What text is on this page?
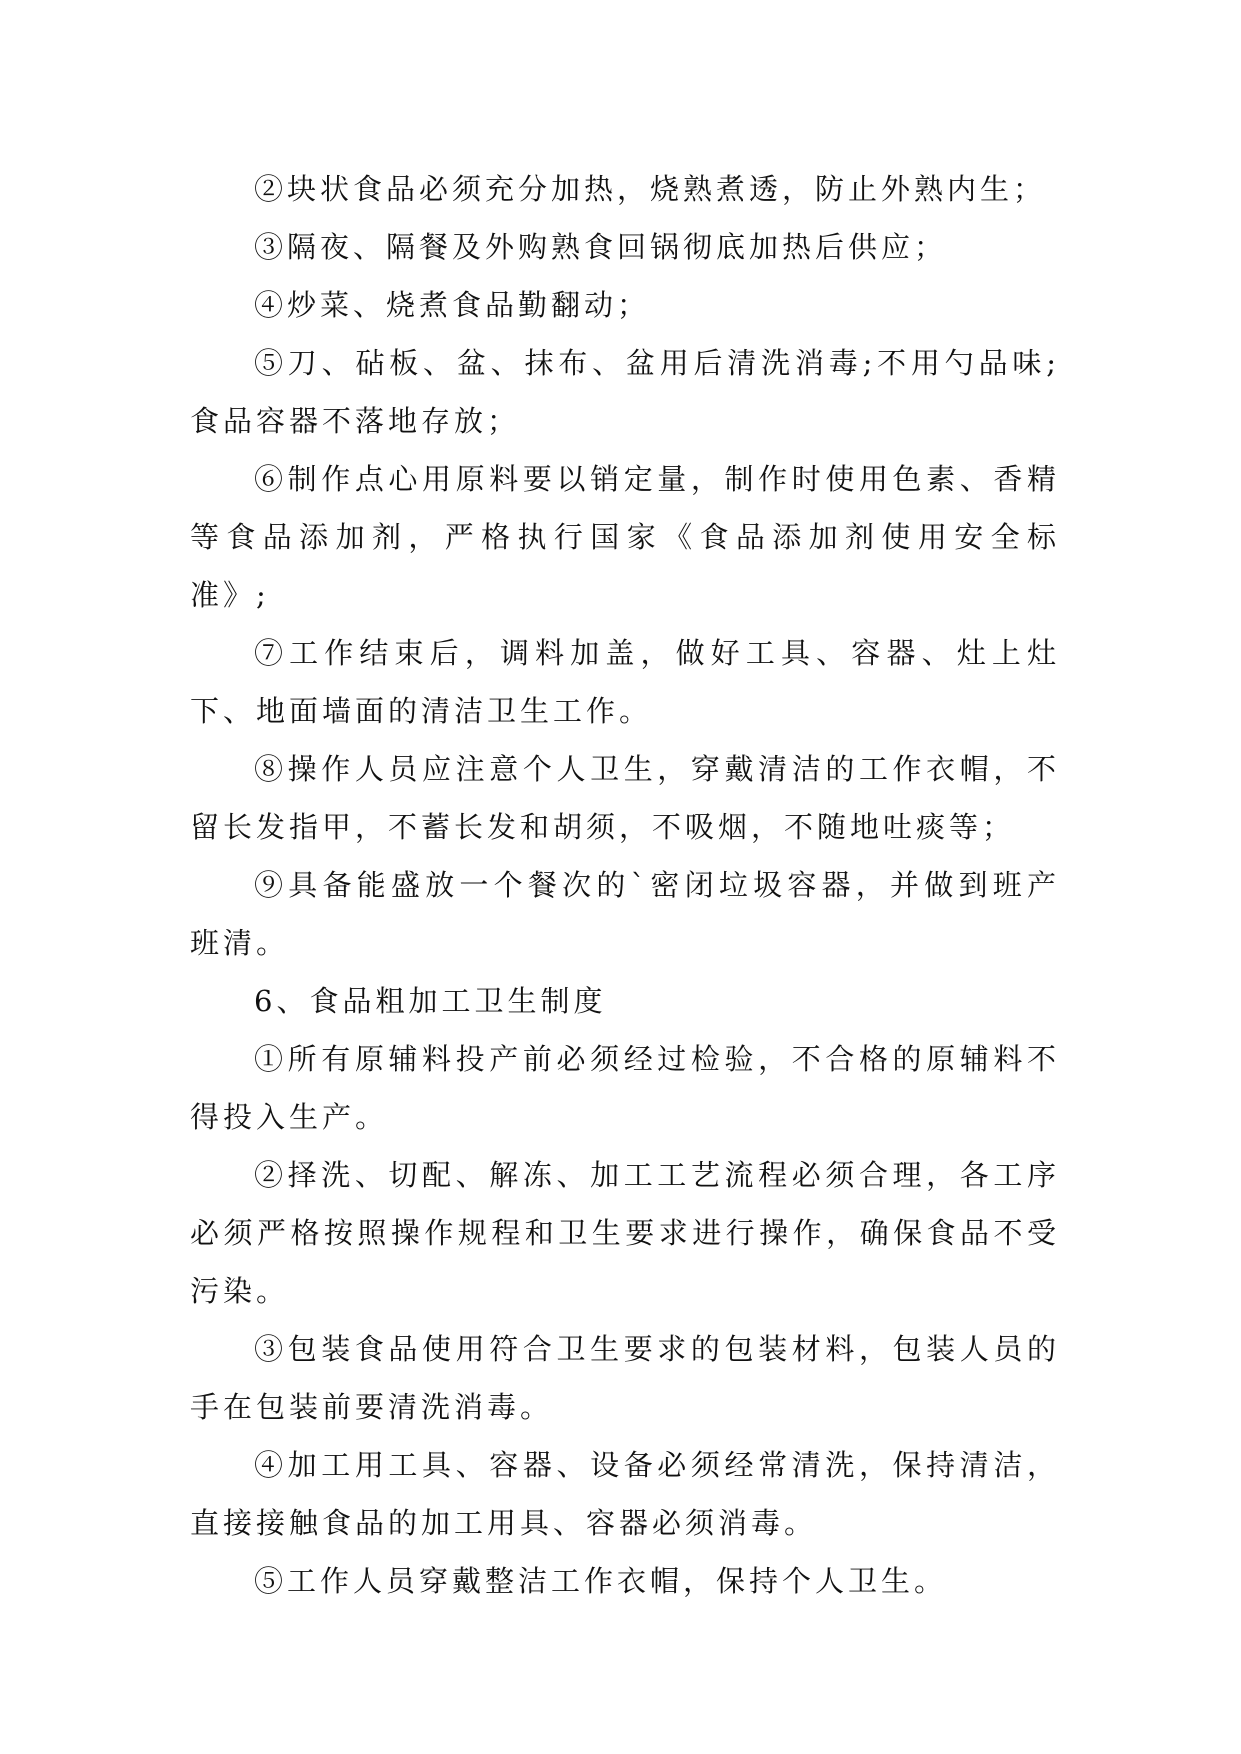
②块状食品必须充分加热，烧熟煮透，防止外熟内生；

③隔夜、隔餐及外购熟食回锅彻底加热后供应；

④炒菜、烧煮食品勤翻动；

⑤刀、砧板、盆、抹布、盆用后清洗消毒;不用勺品味;食品容器不落地存放；

⑥制作点心用原料要以销定量，制作时使用色素、香精等食品添加剂，严格执行国家《食品添加剂使用安全标准》;

⑦工作结束后，调料加盖，做好工具、容器、灶上灶下、地面墙面的清洁卫生工作。

⑧操作人员应注意个人卫生，穿戴清洁的工作衣帽，不留长发指甲，不蓄长发和胡须，不吸烟，不随地吐痰等；

⑨具备能盛放一个餐次的`密闭垃圾容器，并做到班产班清。

6、食品粗加工卫生制度

①所有原辅料投产前必须经过检验，不合格的原辅料不得投入生产。

②择洗、切配、解冻、加工工艺流程必须合理，各工序必须严格按照操作规程和卫生要求进行操作，确保食品不受污染。

③包装食品使用符合卫生要求的包装材料，包装人员的手在包装前要清洗消毒。

④加工用工具、容器、设备必须经常清洗，保持清洁，直接接触食品的加工用具、容器必须消毒。

⑤工作人员穿戴整洁工作衣帽，保持个人卫生。
